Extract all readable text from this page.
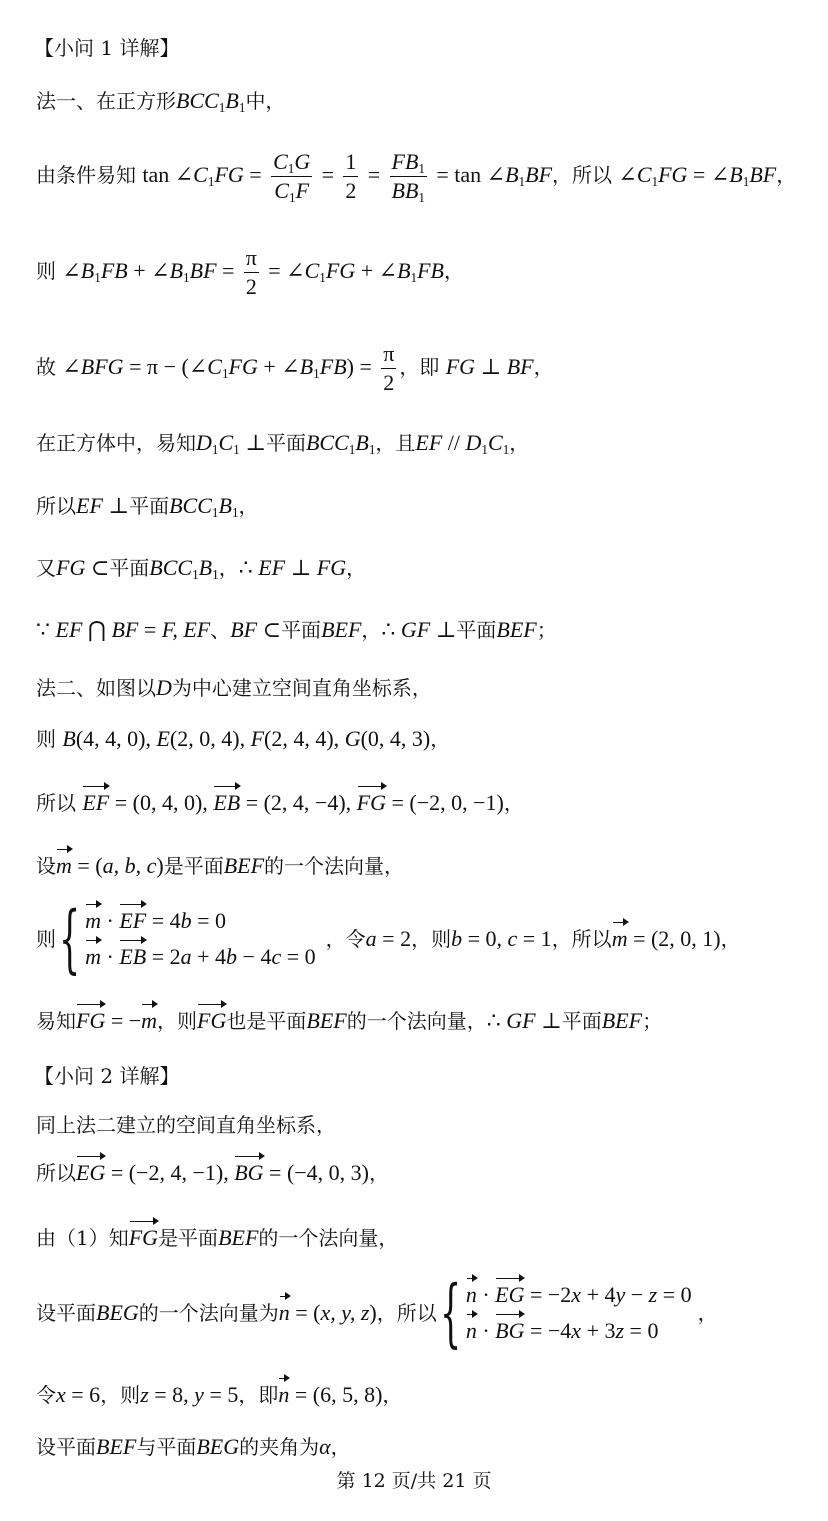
【小问 1 详解】
法一、在正方形$BCC_1B_1$中，
由条件易知 $\tan \angle C_1FG = \frac{C_1G}{C_1F} = \frac{1}{2} = \frac{FB_1}{BB_1} = \tan$ $\angle B_1BF$，所以 $\angle C_1FG$ = $\angle B_1BF$，
则 $\angle B_1FB$ + $\angle B_1BF = \frac{\pi}{2}$ = $\angle C_1FG$ + $\angle B_1FB$，
故 ∠BFG = $\pi - (\angle C_1FG$ + $\angle B_1FB) = \frac{\pi}{2}$ ，即 FG ⊥ BF，
在正方体中，易知$D_1C_1$ ⊥平面$BCC_1B_1$，且EF // $D_1C_1$，
所以EF ⊥平面$BCC_1B_1$，
又FG ⊂平面$BCC_1B_1$，∴ EF ⊥ FG，
∵ EF ⋂ BF = F, EF、BF ⊂平面BEF，∴ GF ⊥平面BEF；
法二、如图以D为中心建立空间直角坐标系，
则 B(4, 4, 0), E(2, 0, 4), F(2, 4, 4), G(0, 4, 3)，
所以 EF = (0, 4, 0), EB = (2, 4, −4), FG = (−2, 0, −1)，
设m = (a, b, c)是平面BEF的一个法向量，
则 { m · EF = 4b = 0
m · EB = 2a + 4b − 4c = 0
，令 a = 2 ，则 b = 0, c = 1 ，所以 m = (2, 0, 1) ，
易知FG = −m，则FG也是平面BEF的一个法向量，∴ GF ⊥平面BEF；
【小问 2 详解】
同上法二建立的空间直角坐标系，
所以EG = (−2, 4, −1), BG = (−4, 0, 3)，
由（1）知FG是平面BEF的一个法向量，
设平面 BEG 的一个法向量为 n = (x, y, z) ，所以 { n · EG = −2x + 4y − z = 0
n · BG = −4x + 3z = 0
，
令x = 6，则z = 8, y = 5，即n = (6, 5, 8)，
设平面BEF与平面BEG的夹角为α，
第 12 页/共 21 页
